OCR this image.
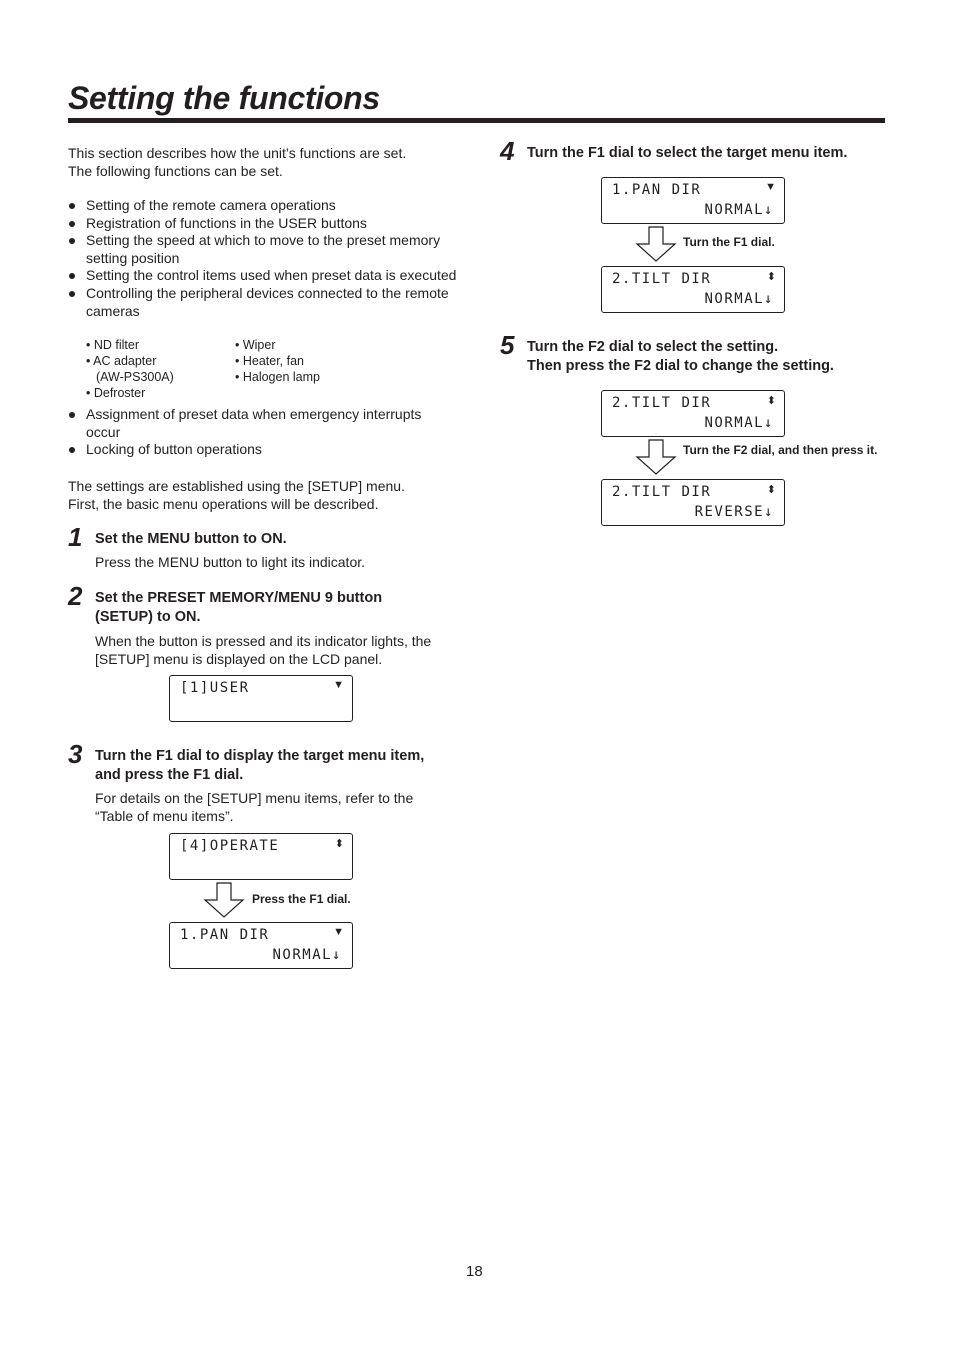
Setting the functions
This section describes how the unit’s functions are set.
The following functions can be set.
Setting of the remote camera operations
Registration of functions in the USER buttons
Setting the speed at which to move to the preset memory setting position
Setting the control items used when preset data is executed
Controlling the peripheral devices connected to the remote cameras
• ND filter
• AC adapter
(AW-PS300A)
• Defroster
• Wiper
• Heater, fan
• Halogen lamp
Assignment of preset data when emergency interrupts occur
Locking of button operations
The settings are established using the [SETUP] menu.
First, the basic menu operations will be described.
1 Set the MENU button to ON.
Press the MENU button to light its indicator.
2 Set the PRESET MEMORY/MENU 9 button (SETUP) to ON.
When the button is pressed and its indicator lights, the [SETUP] menu is displayed on the LCD panel.
[1]USER	▼
3 Turn the F1 dial to display the target menu item, and press the F1 dial.
For details on the [SETUP] menu items, refer to the “Table of menu items”.
[4]OPERATE	⬍
Press the F1 dial.
1.PAN DIR	▼
NORMAL↓
4 Turn the F1 dial to select the target menu item.
1.PAN DIR	▼
NORMAL↓
Turn the F1 dial.
2.TILT DIR	⬍
NORMAL↓
5 Turn the F2 dial to select the setting.
Then press the F2 dial to change the setting.
2.TILT DIR	⬍
NORMAL↓
Turn the F2 dial, and then press it.
2.TILT DIR	⬍
REVERSE↓
18
